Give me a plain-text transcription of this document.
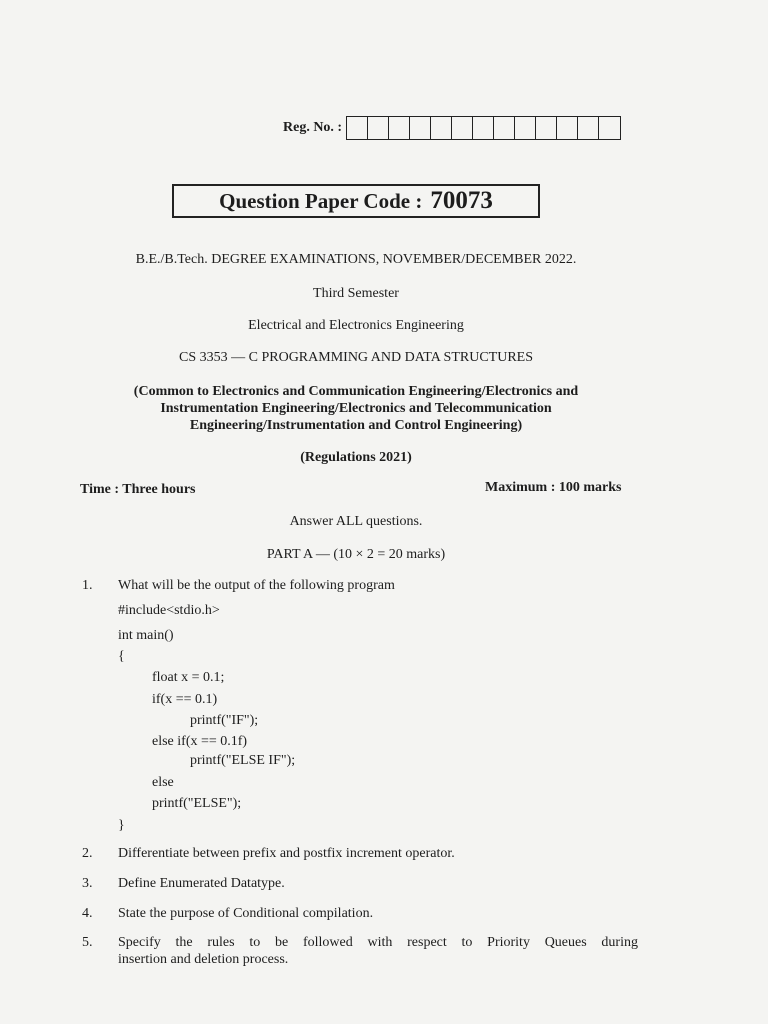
Reg. No. :
Question Paper Code : 70073
B.E./B.Tech. DEGREE EXAMINATIONS, NOVEMBER/DECEMBER 2022.
Third Semester
Electrical and Electronics Engineering
CS 3353 — C PROGRAMMING AND DATA STRUCTURES
(Common to Electronics and Communication Engineering/Electronics and
Instrumentation Engineering/Electronics and Telecommunication
Engineering/Instrumentation and Control Engineering)
(Regulations 2021)
Time : Three hours	Maximum : 100 marks
Answer ALL questions.
PART A — (10 × 2 = 20 marks)
1. What will be the output of the following program
#include<stdio.h>
int main()
{
float x = 0.1;
if(x == 0.1)
printf("IF");
else if(x == 0.1f)
printf("ELSE IF");
else
printf("ELSE");
}
2. Differentiate between prefix and postfix increment operator.
3. Define Enumerated Datatype.
4. State the purpose of Conditional compilation.
5. Specify the rules to be followed with respect to Priority Queues during
insertion and deletion process.
